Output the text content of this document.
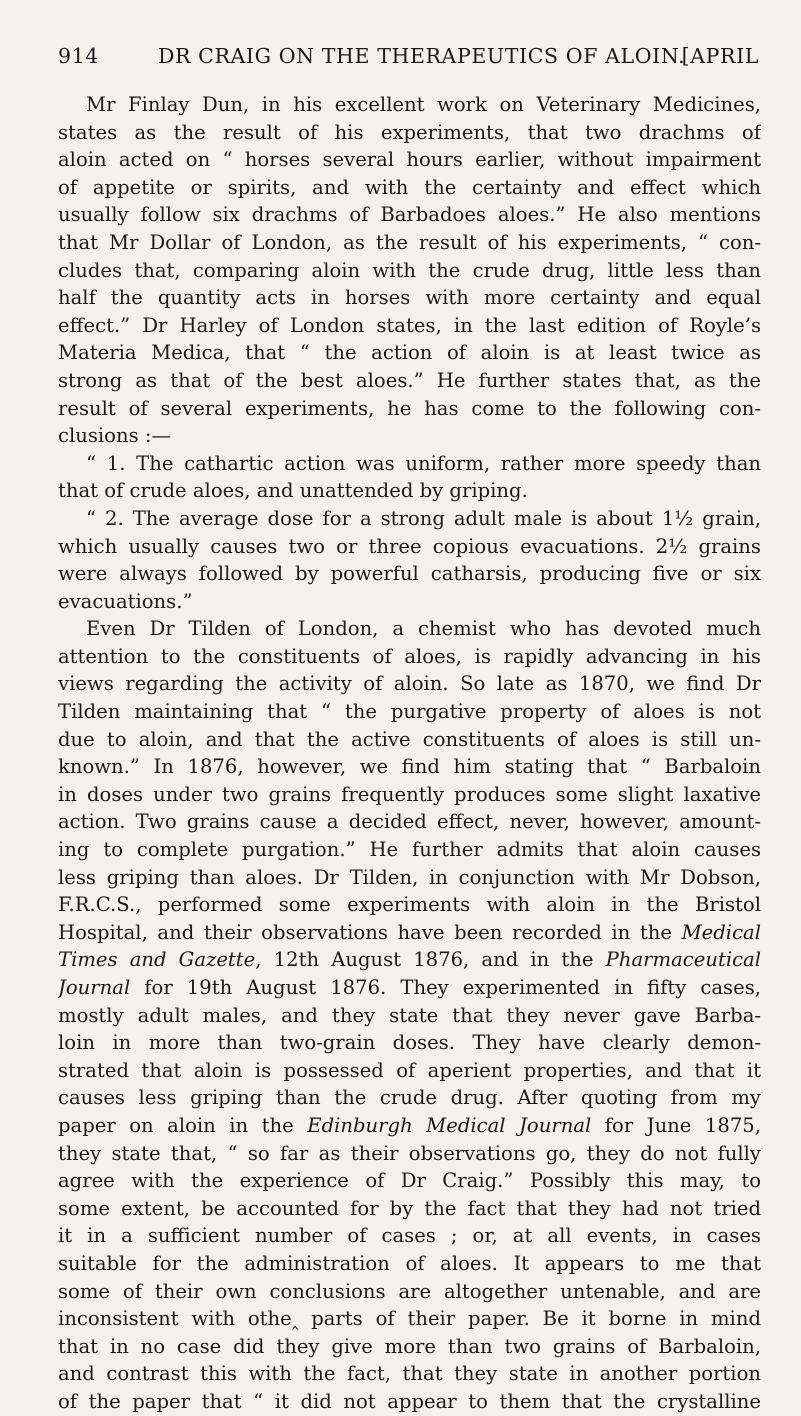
914	DR CRAIG ON THE THERAPEUTICS OF ALOIN.
[APRIL
Mr Finlay Dun, in his excellent work on Veterinary Medicines,
states as the result of his experiments, that two drachms of
aloin acted on “ horses several hours earlier, without impairment
of appetite or spirits, and with the certainty and effect which
usually follow six drachms of Barbadoes aloes.” He also mentions
that Mr Dollar of London, as the result of his experiments, “ con-
cludes that, comparing aloin with the crude drug, little less than
half the quantity acts in horses with more certainty and equal
effect.” Dr Harley of London states, in the last edition of Royle’s
Materia Medica, that “ the action of aloin is at least twice as
strong as that of the best aloes.” He further states that, as the
result of several experiments, he has come to the following con-
clusions :—
“ 1. The cathartic action was uniform, rather more speedy than
that of crude aloes, and unattended by griping.
“ 2. The average dose for a strong adult male is about 1½ grain,
which usually causes two or three copious evacuations. 2½ grains
were always followed by powerful catharsis, producing five or six
evacuations.”
Even Dr Tilden of London, a chemist who has devoted much
attention to the constituents of aloes, is rapidly advancing in his
views regarding the activity of aloin. So late as 1870, we find Dr
Tilden maintaining that “ the purgative property of aloes is not
due to aloin, and that the active constituents of aloes is still un-
known.” In 1876, however, we find him stating that “ Barbaloin
in doses under two grains frequently produces some slight laxative
action. Two grains cause a decided effect, never, however, amount-
ing to complete purgation.” He further admits that aloin causes
less griping than aloes. Dr Tilden, in conjunction with Mr Dobson,
F.R.C.S., performed some experiments with aloin in the Bristol
Hospital, and their observations have been recorded in the Medical
Times and Gazette, 12th August 1876, and in the Pharmaceutical
Journal for 19th August 1876. They experimented in fifty cases,
mostly adult males, and they state that they never gave Barba-
loin in more than two-grain doses. They have clearly demon-
strated that aloin is possessed of aperient properties, and that it
causes less griping than the crude drug. After quoting from my
paper on aloin in the Edinburgh Medical Journal for June 1875,
they state that, “ so far as their observations go, they do not fully
agree with the experience of Dr Craig.” Possibly this may, to
some extent, be accounted for by the fact that they had not tried
it in a sufficient number of cases ; or, at all events, in cases
suitable for the administration of aloes. It appears to me that
some of their own conclusions are altogether untenable, and are
inconsistent with othe‸ parts of their paper. Be it borne in mind
that in no case did they give more than two grains of Barbaloin,
and contrast this with the fact, that they state in another portion
of the paper that “ it did not appear to them that the crystalline
